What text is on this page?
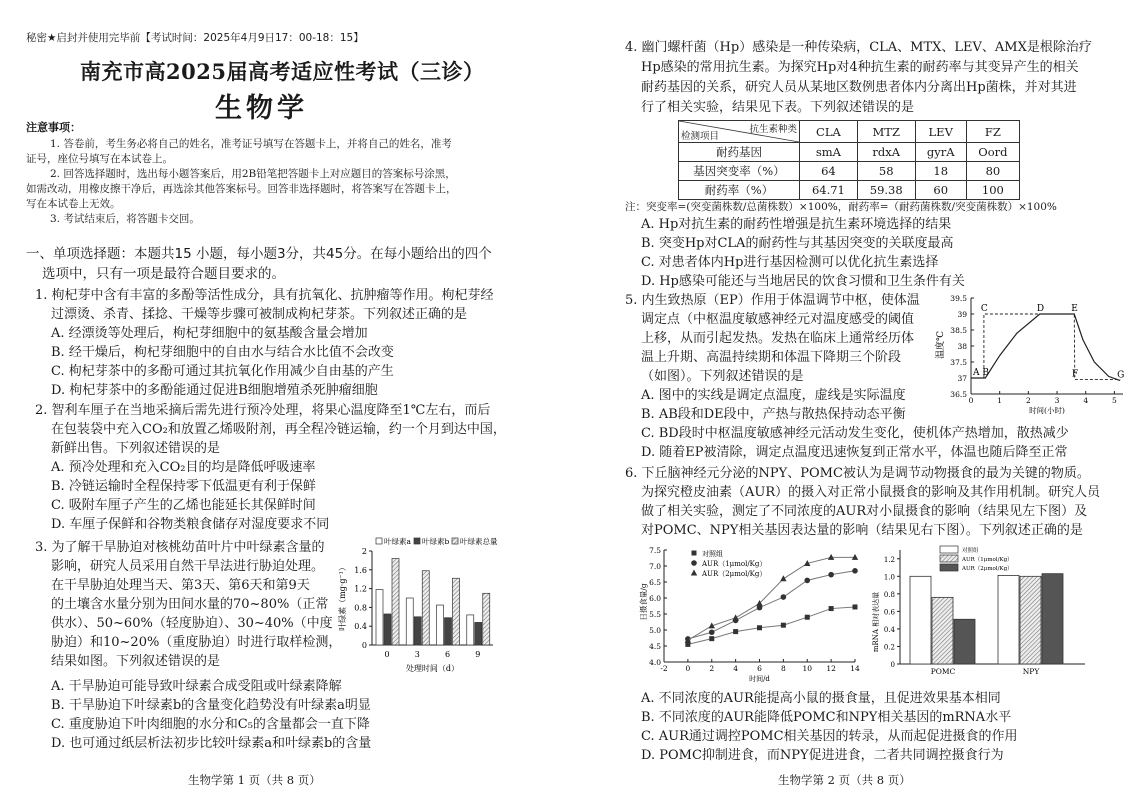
秘密★启封并使用完毕前【考试时间：2025年4月9日17：00-18：15】
南充市高2025届高考适应性考试（三诊）
生物学
注意事项：
1. 答卷前，考生务必将自己的姓名，准考证号填写在答题卡上，并将自己的姓名，准考
证号，座位号填写在本试卷上。
2. 回答选择题时，选出每小题答案后，用2B铅笔把答题卡上对应题目的答案标号涂黑，
如需改动，用橡皮擦干净后，再选涂其他答案标号。回答非选择题时，将答案写在答题卡上，
写在本试卷上无效。
3. 考试结束后，将答题卡交回。
一、单项选择题：本题共15 小题，每小题3分，共45分。在每小题给出的四个
选项中，只有一项是最符合题目要求的。
1. 枸杞芽中含有丰富的多酚等活性成分，具有抗氧化、抗肿瘤等作用。枸杞芽经
过漂烫、杀青、揉捻、干燥等步骤可被制成枸杞芽茶。下列叙述正确的是
A. 经漂烫等处理后，枸杞芽细胞中的氨基酸含量会增加
B. 经干燥后，枸杞芽细胞中的自由水与结合水比值不会改变
C. 枸杞芽茶中的多酚可通过其抗氧化作用减少自由基的产生
D. 枸杞芽茶中的多酚能通过促进B细胞增殖杀死肿瘤细胞
2. 智利车厘子在当地采摘后需先进行预冷处理，将果心温度降至1℃左右，而后
在包装袋中充入CO₂和放置乙烯吸附剂，再全程冷链运输，约一个月到达中国，
新鲜出售。下列叙述错误的是
A. 预冷处理和充入CO₂目的均是降低呼吸速率
B. 冷链运输时全程保持零下低温更有利于保鲜
C. 吸附车厘子产生的乙烯也能延长其保鲜时间
D. 车厘子保鲜和谷物类粮食储存对湿度要求不同
3. 为了解干旱胁迫对核桃幼苗叶片中叶绿素含量的
影响，研究人员采用自然干旱法进行胁迫处理。
在干旱胁迫处理当天、第3天、第6天和第9天
的土壤含水量分别为田间水量的70~80%（正常
供水）、50~60%（轻度胁迫）、30~40%（中度
胁迫）和10~20%（重度胁迫）时进行取样检测，
结果如图。下列叙述错误的是
A. 干旱胁迫可能导致叶绿素合成受阻或叶绿素降解
B. 干旱胁迫下叶绿素b的含量变化趋势没有叶绿素a明显
C. 重度胁迫下叶肉细胞的水分和C₅的含量都会一直下降
D. 也可通过纸层析法初步比较叶绿素a和叶绿素b的含量
0
0.4
0.8
1.2
1.6
2
0	3	6	9
处理时间（d）
叶绿素（mg·g⁻¹）
叶绿素a 叶绿素b 叶绿素总量
生物学第 1 页（共 8 页）
4. 幽门螺杆菌（Hp）感染是一种传染病，CLA、MTX、LEV、AMX是根除治疗
Hp感染的常用抗生素。为探究Hp对4种抗生素的耐药率与其变异产生的相关
耐药基因的关系，研究人员从某地区数例患者体内分离出Hp菌株，并对其进
行了相关实验，结果见下表。下列叙述错误的是
抗生素种类
检测项目	CLA	MTZ	LEV	FZ
耐药基因	smA	rdxA	gyrA	Oord
基因突变率（%）	64	58	18	80
耐药率（%）	64.71	59.38	60	100
注：突变率=(突变菌株数/总菌株数）×100%，耐药率=（耐药菌株数/突变菌株数）×100%
A. Hp对抗生素的耐药性增强是抗生素环境选择的结果
B. 突变Hp对CLA的耐药性与其基因突变的关联度最高
C. 对患者体内Hp进行基因检测可以优化抗生素选择
D. Hp感染可能还与当地居民的饮食习惯和卫生条件有关
5. 内生致热原（EP）作用于体温调节中枢，使体温
调定点（中枢温度敏感神经元对温度感受的阈值
上移，从而引起发热。发热在临床上通常经历体
温上升期、高温持续期和体温下降期三个阶段
（如图）。下列叙述错误的是
A. 图中的实线是调定点温度，虚线是实际温度
B. AB段和DE段中，产热与散热保持动态平衡
C. BD段时中枢温度敏感神经元活动发生变化，使机体产热增加，散热减少
D. 随着EP被清除，调定点温度迅速恢复到正常水平，体温也随后降至正常
36.5
37
37.5
38
38.5
39
39.5
0	1	2	3	4	5
A B
C	D	E
F	G
时间(小时)
温度℃
6. 下丘脑神经元分泌的NPY、POMC被认为是调节动物摄食的最为关键的物质。
为探究橙皮油素（AUR）的摄入对正常小鼠摄食的影响及其作用机制。研究人员
做了相关实验，测定了不同浓度的AUR对小鼠摄食的影响（结果见左下图）及
对POMC、NPY相关基因表达量的影响（结果见右下图）。下列叙述正确的是
4.0
4.5
5.0
5.5
6.0
6.5
7.0
7.5
-2 0	2	4	6	8 10 12 14
对照组
AUR（1μmol/Kg）
AUR（2μmol/Kg）
时间/d
日摄食量/g
0
0.2
0.4
0.6
0.8
1.0
1.2
POMC	NPY
对照组
AUR（1μmol/Kg）
AUR（2μmol/Kg）
mRNA 相对表达量
A. 不同浓度的AUR能提高小鼠的摄食量，且促进效果基本相同
B. 不同浓度的AUR能降低POMC和NPY相关基因的mRNA水平
C. AUR通过调控POMC相关基因的转录，从而起促进摄食的作用
D. POMC抑制进食，而NPY促进进食，二者共同调控摄食行为
生物学第 2 页（共 8 页）
